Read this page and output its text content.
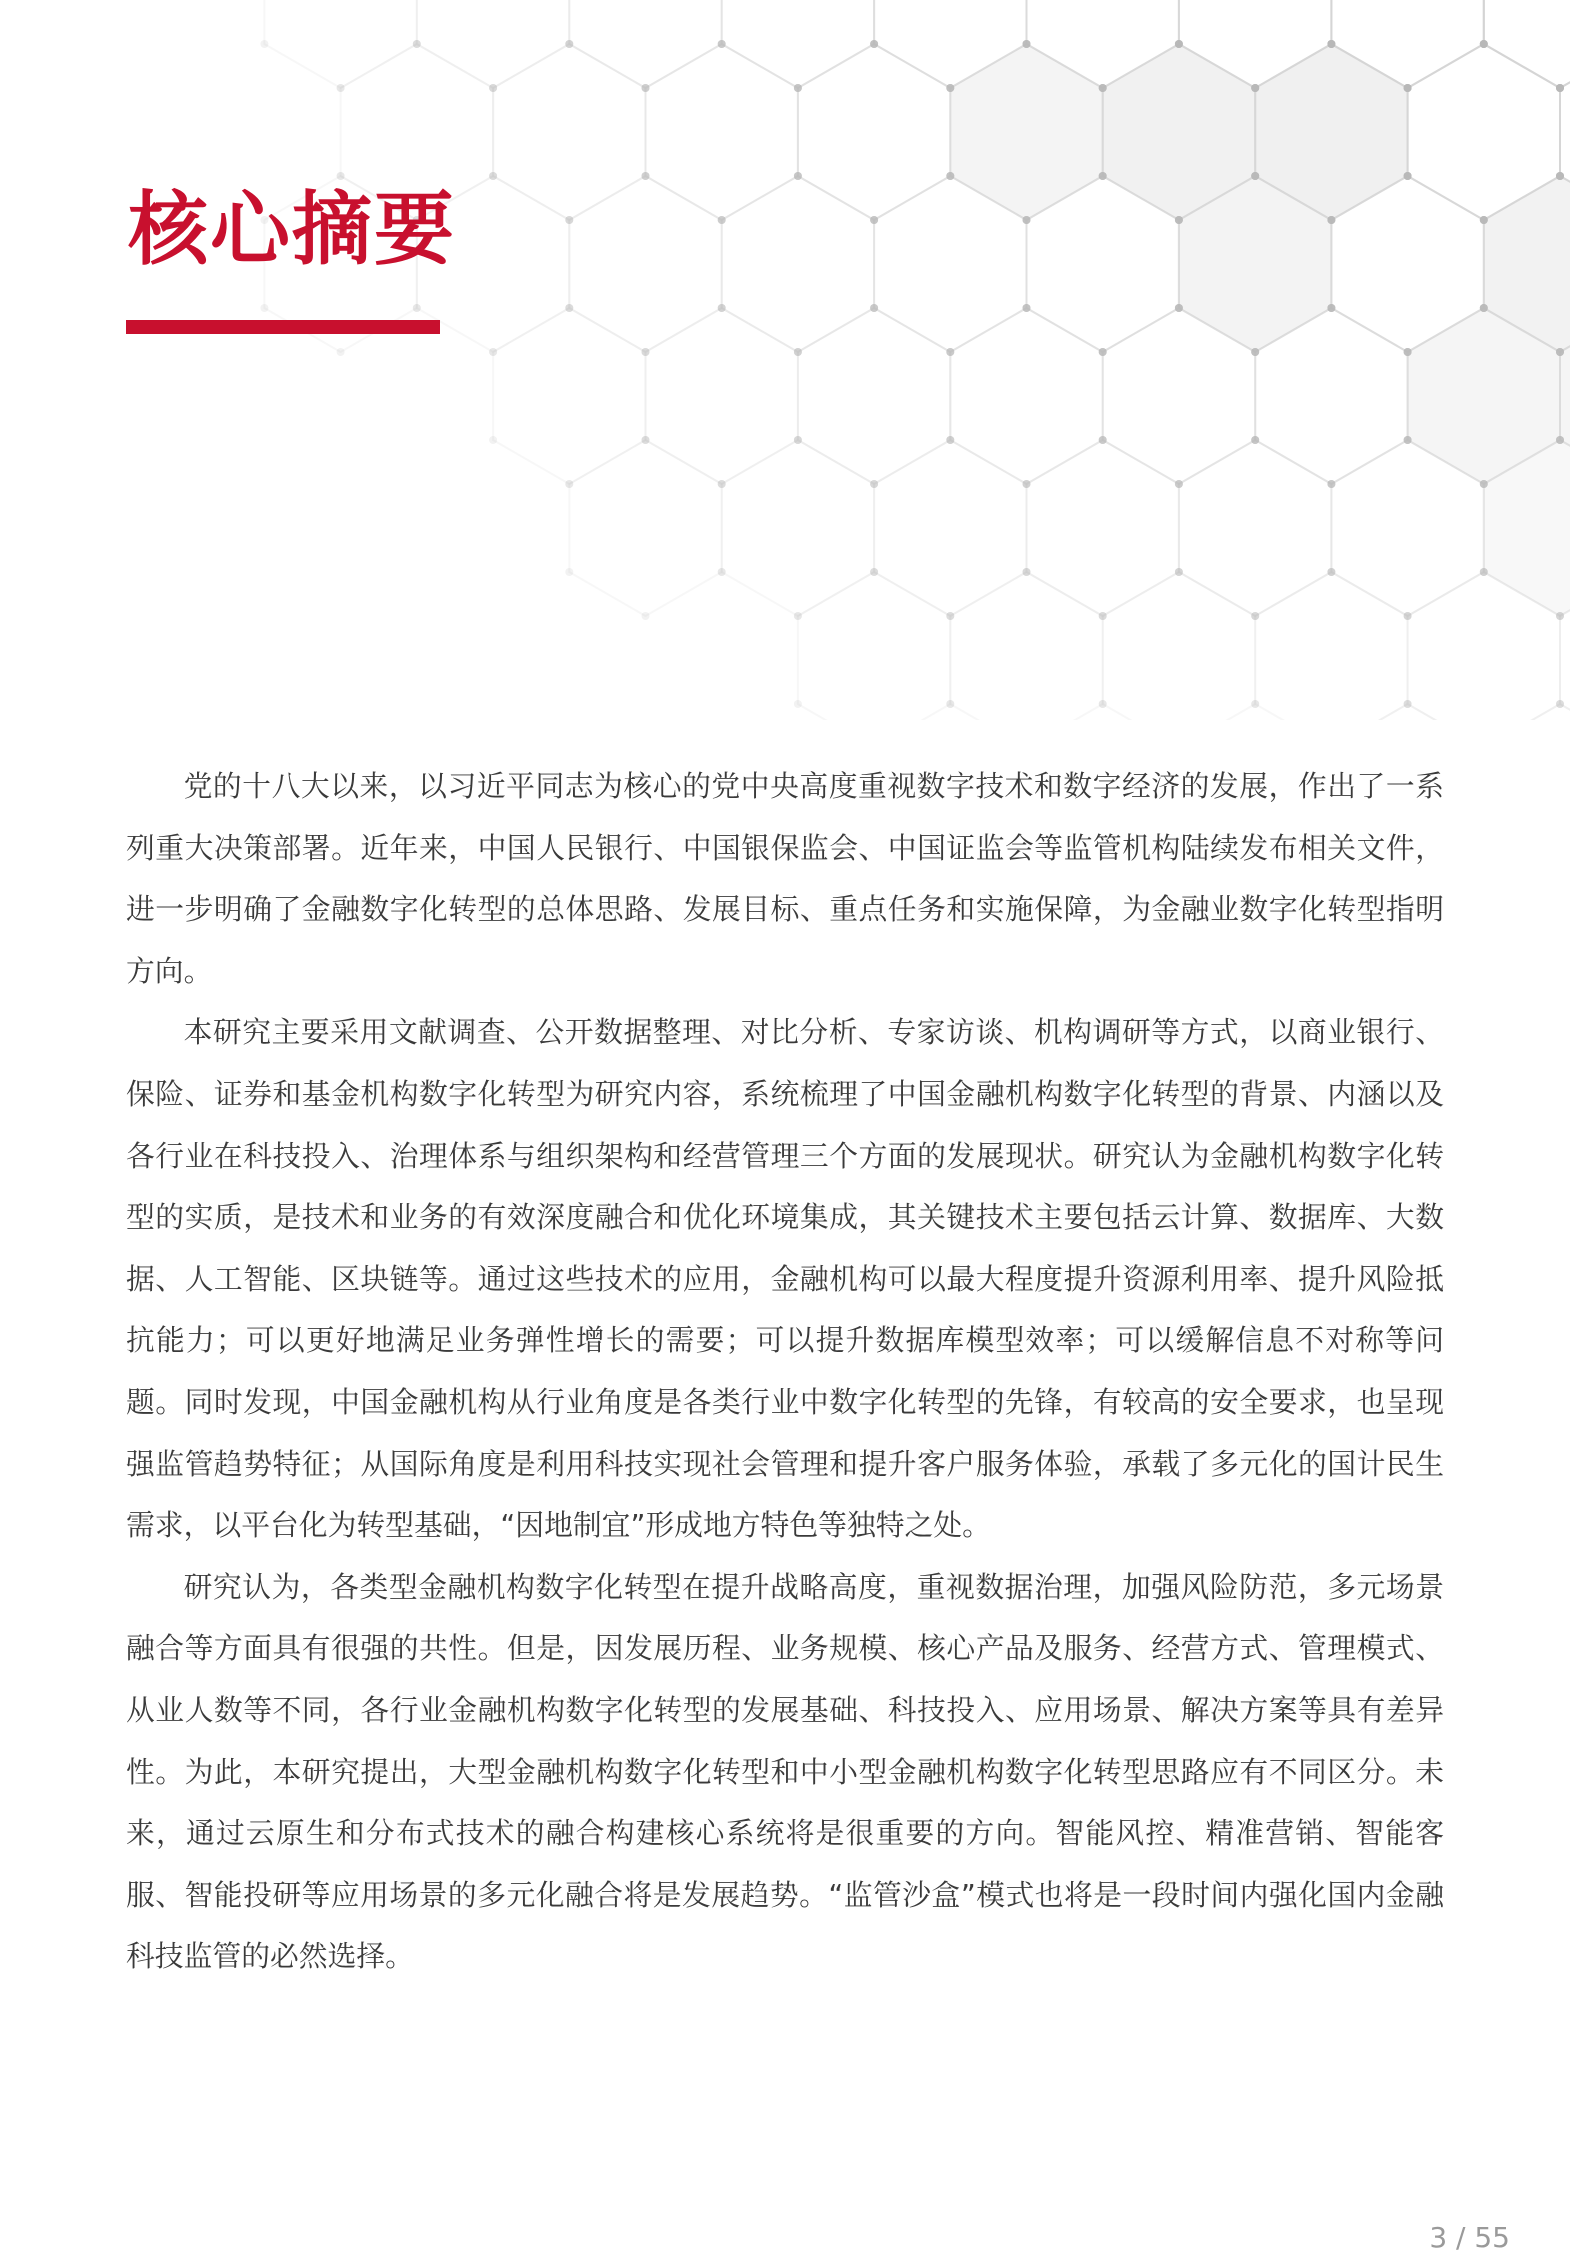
核心摘要

党的十八大以来，以习近平同志为核心的党中央高度重视数字技术和数字经济的发展，作出了一系列重大决策部署。近年来，中国人民银行、中国银保监会、中国证监会等监管机构陆续发布相关文件，进一步明确了金融数字化转型的总体思路、发展目标、重点任务和实施保障，为金融业数字化转型指明方向。

本研究主要采用文献调查、公开数据整理、对比分析、专家访谈、机构调研等方式，以商业银行、保险、证券和基金机构数字化转型为研究内容，系统梳理了中国金融机构数字化转型的背景、内涵以及各行业在科技投入、治理体系与组织架构和经营管理三个方面的发展现状。研究认为金融机构数字化转型的实质，是技术和业务的有效深度融合和优化环境集成，其关键技术主要包括云计算、数据库、大数据、人工智能、区块链等。通过这些技术的应用，金融机构可以最大程度提升资源利用率、提升风险抵抗能力；可以更好地满足业务弹性增长的需要；可以提升数据库模型效率；可以缓解信息不对称等问题。同时发现，中国金融机构从行业角度是各类行业中数字化转型的先锋，有较高的安全要求，也呈现强监管趋势特征；从国际角度是利用科技实现社会管理和提升客户服务体验，承载了多元化的国计民生需求，以平台化为转型基础，“因地制宜”形成地方特色等独特之处。

研究认为，各类型金融机构数字化转型在提升战略高度，重视数据治理，加强风险防范，多元场景融合等方面具有很强的共性。但是，因发展历程、业务规模、核心产品及服务、经营方式、管理模式、从业人数等不同，各行业金融机构数字化转型的发展基础、科技投入、应用场景、解决方案等具有差异性。为此，本研究提出，大型金融机构数字化转型和中小型金融机构数字化转型思路应有不同区分。未来，通过云原生和分布式技术的融合构建核心系统将是很重要的方向。智能风控、精准营销、智能客服、智能投研等应用场景的多元化融合将是发展趋势。“监管沙盒”模式也将是一段时间内强化国内金融科技监管的必然选择。

3 / 55
